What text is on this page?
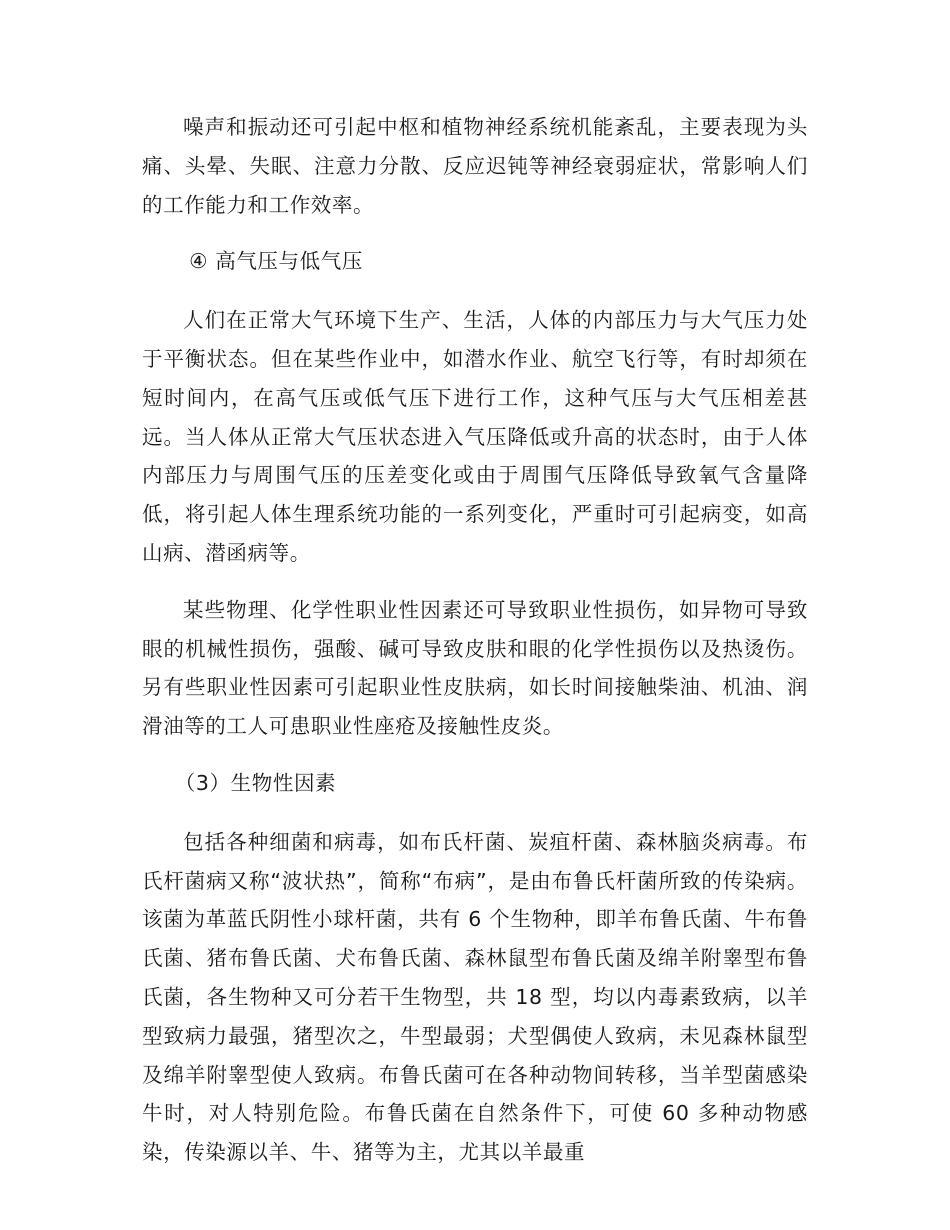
噪声和振动还可引起中枢和植物神经系统机能紊乱，主要表现为头痛、头晕、失眠、注意力分散、反应迟钝等神经衰弱症状，常影响人们的工作能力和工作效率。

④ 高气压与低气压

人们在正常大气环境下生产、生活，人体的内部压力与大气压力处于平衡状态。但在某些作业中，如潜水作业、航空飞行等，有时却须在短时间内，在高气压或低气压下进行工作，这种气压与大气压相差甚远。当人体从正常大气压状态进入气压降低或升高的状态时，由于人体内部压力与周围气压的压差变化或由于周围气压降低导致氧气含量降低，将引起人体生理系统功能的一系列变化，严重时可引起病变，如高山病、潜函病等。

某些物理、化学性职业性因素还可导致职业性损伤，如异物可导致眼的机械性损伤，强酸、碱可导致皮肤和眼的化学性损伤以及热烫伤。另有些职业性因素可引起职业性皮肤病，如长时间接触柴油、机油、润滑油等的工人可患职业性座疮及接触性皮炎。

（3）生物性因素

包括各种细菌和病毒，如布氏杆菌、炭疽杆菌、森林脑炎病毒。布氏杆菌病又称“波状热”，简称“布病”，是由布鲁氏杆菌所致的传染病。该菌为革蓝氏阴性小球杆菌，共有 6 个生物种，即羊布鲁氏菌、牛布鲁氏菌、猪布鲁氏菌、犬布鲁氏菌、森林鼠型布鲁氏菌及绵羊附睾型布鲁氏菌，各生物种又可分若干生物型，共 18 型，均以内毒素致病，以羊型致病力最强，猪型次之，牛型最弱；犬型偶使人致病，未见森林鼠型及绵羊附睾型使人致病。布鲁氏菌可在各种动物间转移，当羊型菌感染牛时，对人特别危险。布鲁氏菌在自然条件下，可使 60 多种动物感染，传染源以羊、牛、猪等为主，尤其以羊最重
